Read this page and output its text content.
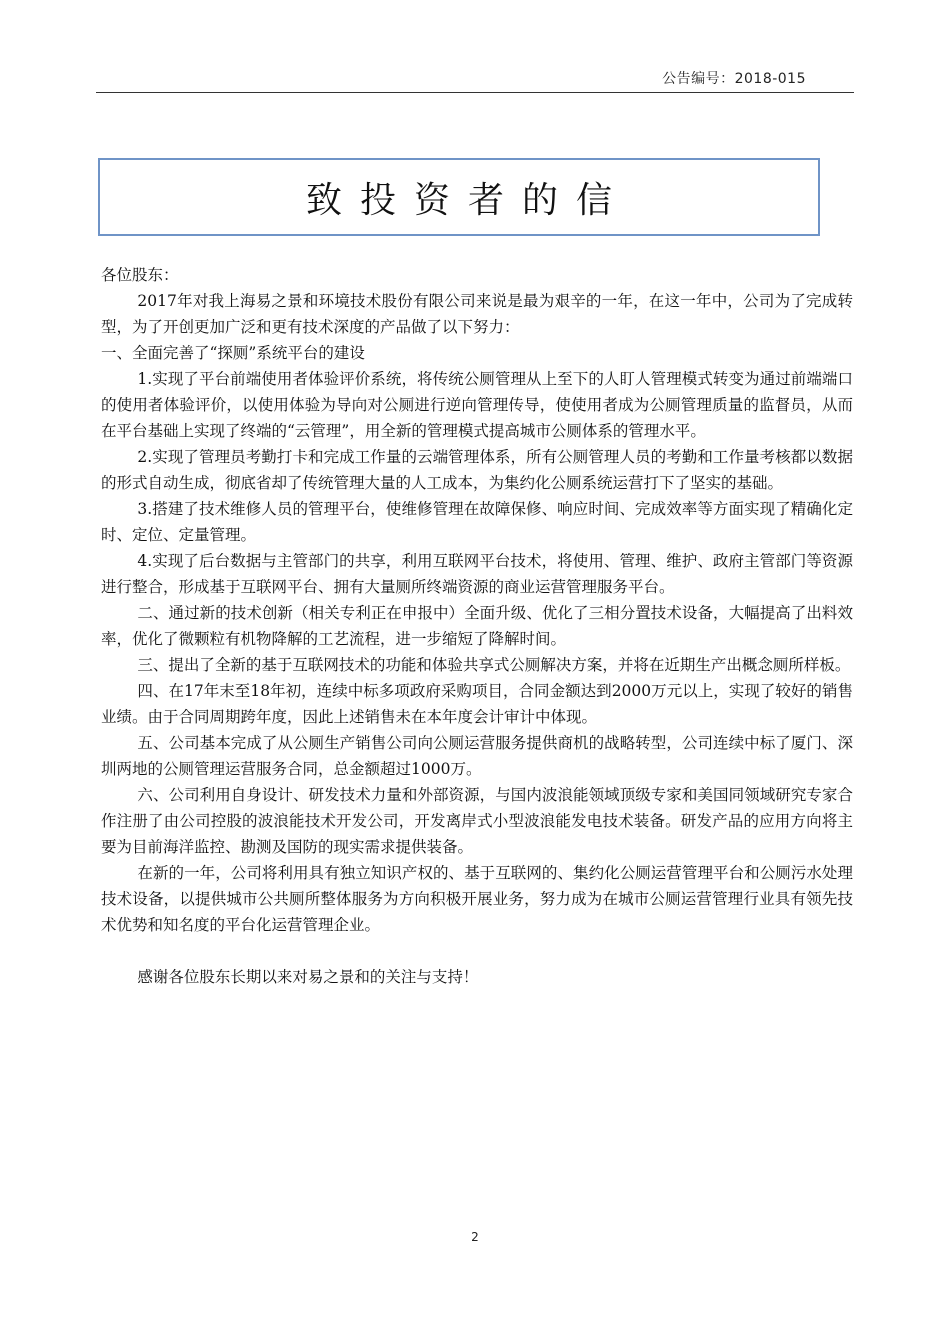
公告编号：2018-015
致投资者的信

各位股东：

2017年对我上海易之景和环境技术股份有限公司来说是最为艰辛的一年，在这一年中，公司为了完成转型，为了开创更加广泛和更有技术深度的产品做了以下努力：

一、全面完善了“探厕”系统平台的建设

1.实现了平台前端使用者体验评价系统，将传统公厕管理从上至下的人盯人管理模式转变为通过前端端口的使用者体验评价，以使用体验为导向对公厕进行逆向管理传导，使使用者成为公厕管理质量的监督员，从而在平台基础上实现了终端的“云管理”，用全新的管理模式提高城市公厕体系的管理水平。

2.实现了管理员考勤打卡和完成工作量的云端管理体系，所有公厕管理人员的考勤和工作量考核都以数据的形式自动生成，彻底省却了传统管理大量的人工成本，为集约化公厕系统运营打下了坚实的基础。

3.搭建了技术维修人员的管理平台，使维修管理在故障保修、响应时间、完成效率等方面实现了精确化定时、定位、定量管理。

4.实现了后台数据与主管部门的共享，利用互联网平台技术，将使用、管理、维护、政府主管部门等资源进行整合，形成基于互联网平台、拥有大量厕所终端资源的商业运营管理服务平台。

二、通过新的技术创新（相关专利正在申报中）全面升级、优化了三相分置技术设备，大幅提高了出料效率，优化了微颗粒有机物降解的工艺流程，进一步缩短了降解时间。

三、提出了全新的基于互联网技术的功能和体验共享式公厕解决方案，并将在近期生产出概念厕所样板。

四、在17年末至18年初，连续中标多项政府采购项目，合同金额达到2000万元以上，实现了较好的销售业绩。由于合同周期跨年度，因此上述销售未在本年度会计审计中体现。

五、公司基本完成了从公厕生产销售公司向公厕运营服务提供商机的战略转型，公司连续中标了厦门、深圳两地的公厕管理运营服务合同，总金额超过1000万。

六、公司利用自身设计、研发技术力量和外部资源，与国内波浪能领域顶级专家和美国同领域研究专家合作注册了由公司控股的波浪能技术开发公司，开发离岸式小型波浪能发电技术装备。研发产品的应用方向将主要为目前海洋监控、勘测及国防的现实需求提供装备。

在新的一年，公司将利用具有独立知识产权的、基于互联网的、集约化公厕运营管理平台和公厕污水处理技术设备，以提供城市公共厕所整体服务为方向积极开展业务，努力成为在城市公厕运营管理行业具有领先技术优势和知名度的平台化运营管理企业。

感谢各位股东长期以来对易之景和的关注与支持！

2
